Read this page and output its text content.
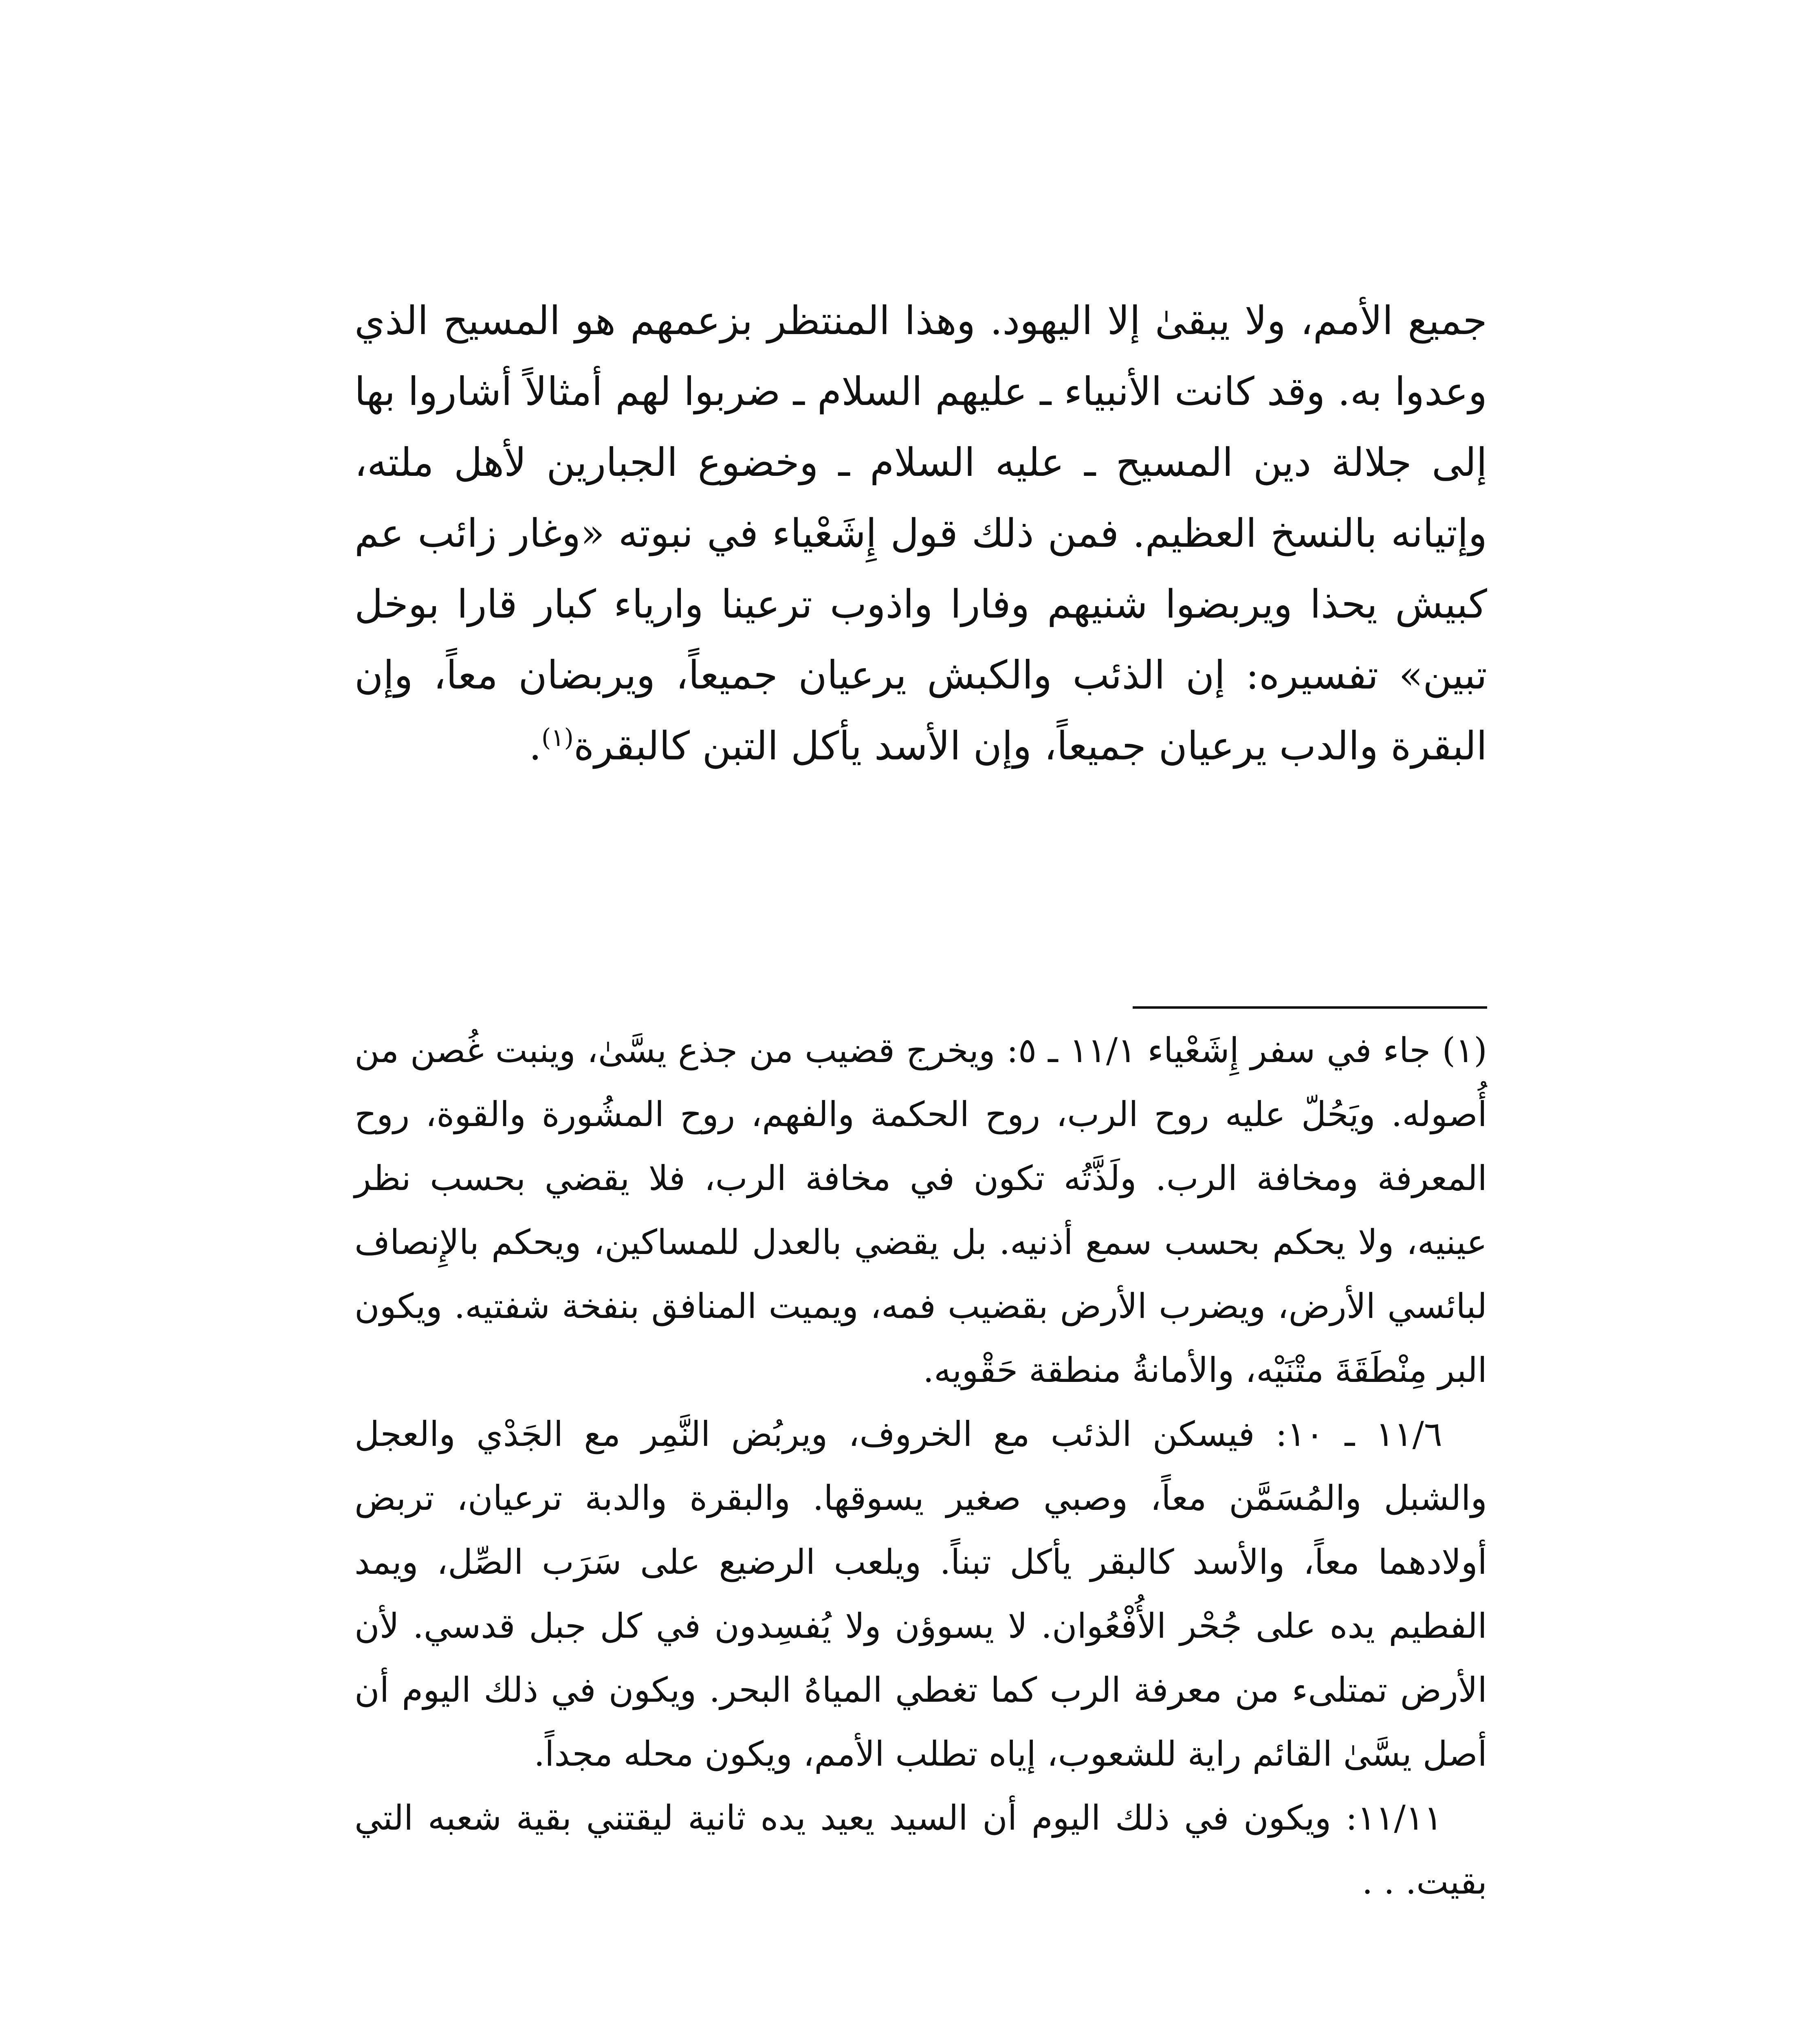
جميع الأمم، ولا يبقىٰ إلا اليهود. وهذا المنتظر بزعمهم هو المسيح الذي وعدوا به. وقد كانت الأنبياء ـ عليهم السلام ـ ضربوا لهم أمثالاً أشاروا بها إلى جلالة دين المسيح ـ عليه السلام ـ وخضوع الجبارين لأهل ملته، وإتيانه بالنسخ العظيم. فمن ذلك قول إِشَعْياء في نبوته «وغار زائب عم كبيش يحذا ويربضوا شنيهم وفارا واذوب ترعينا وارياء كبار قارا بوخل تبين» تفسيره: إن الذئب والكبش يرعيان جميعاً، ويربضان معاً، وإن البقرة والدب يرعيان جميعاً، وإن الأسد يأكل التبن كالبقرة$^{(١)}$.

(١) جاء في سفر إِشَعْياء ١١/١ ـ ٥: ويخرج قضيب من جذع يسَّىٰ، وينبت غُصن من أُصوله. ويَحُلّ عليه روح الرب، روح الحكمة والفهم، روح المشُورة والقوة، روح المعرفة ومخافة الرب. ولَذَّتُه تكون في مخافة الرب، فلا يقضي بحسب نظر عينيه، ولا يحكم بحسب سمع أذنيه. بل يقضي بالعدل للمساكين، ويحكم بالإِنصاف لبائسي الأرض، ويضرب الأرض بقضيب فمه، ويميت المنافق بنفخة شفتيه. ويكون البر مِنْطَقَةَ متْنَيْه، والأمانةُ منطقة حَقْويه.

١١/٦ ـ ١٠: فيسكن الذئب مع الخروف، ويربُض النَّمِر مع الجَدْي والعجل والشبل والمُسَمَّن معاً، وصبي صغير يسوقها. والبقرة والدبة ترعيان، تربض أولادهما معاً، والأسد كالبقر يأكل تبناً. ويلعب الرضيع على سَرَب الصِّل، ويمد الفطيم يده على جُحْر الأُفْعُوان. لا يسوؤن ولا يُفسِدون في كل جبل قدسي. لأن الأرض تمتلىء من معرفة الرب كما تغطي المياهُ البحر. ويكون في ذلك اليوم أن أصل يسَّىٰ القائم راية للشعوب، إياه تطلب الأمم، ويكون محله مجداً.

١١/١١: ويكون في ذلك اليوم أن السيد يعيد يده ثانية ليقتني بقية شعبه التي بقيت. . .
